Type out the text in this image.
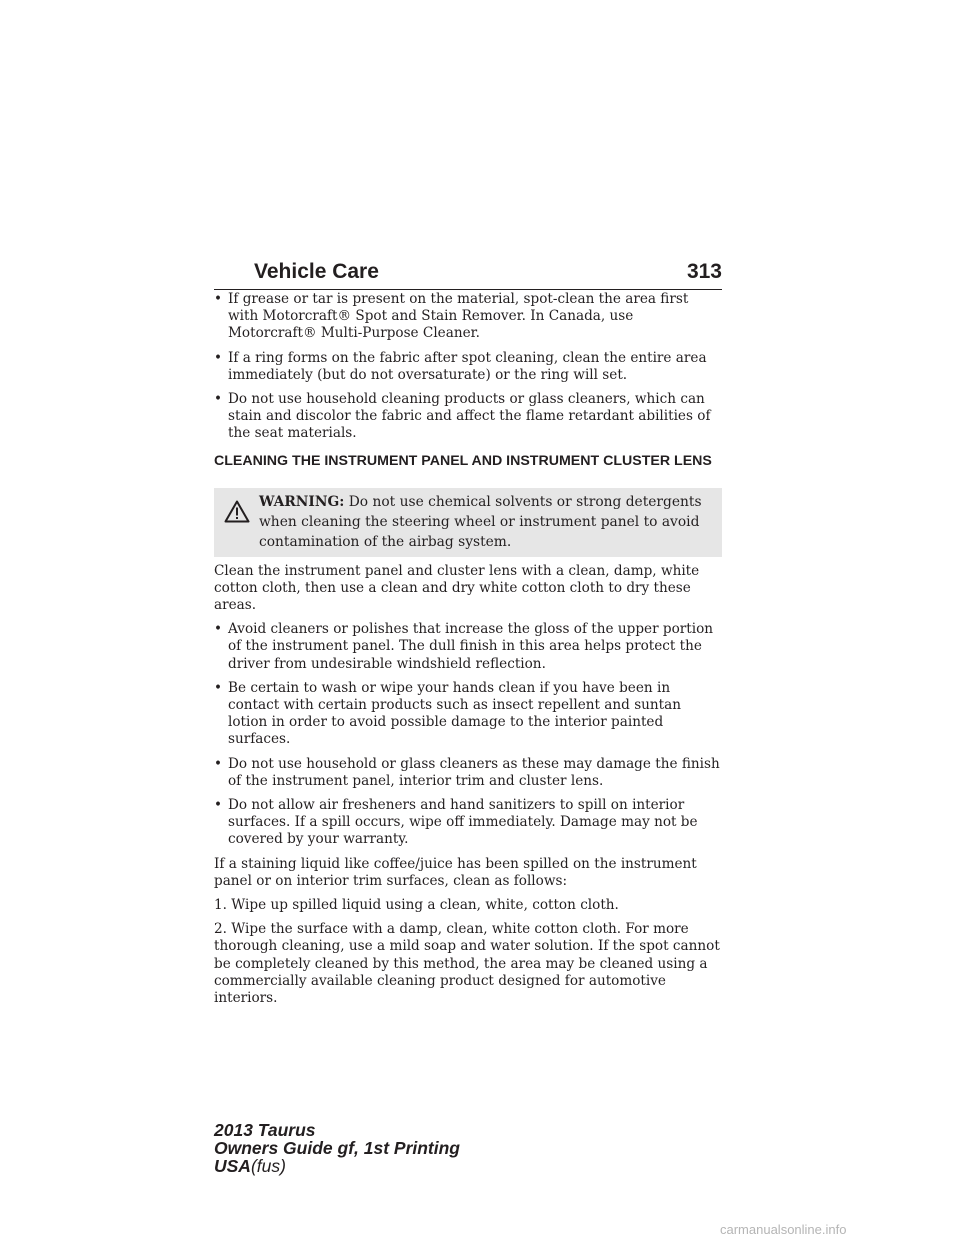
Vehicle Care	313
• If grease or tar is present on the material, spot-clean the area first with Motorcraft® Spot and Stain Remover. In Canada, use Motorcraft® Multi-Purpose Cleaner.
• If a ring forms on the fabric after spot cleaning, clean the entire area immediately (but do not oversaturate) or the ring will set.
• Do not use household cleaning products or glass cleaners, which can stain and discolor the fabric and affect the flame retardant abilities of the seat materials.
CLEANING THE INSTRUMENT PANEL AND INSTRUMENT CLUSTER LENS
WARNING: Do not use chemical solvents or strong detergents when cleaning the steering wheel or instrument panel to avoid contamination of the airbag system.

Clean the instrument panel and cluster lens with a clean, damp, white cotton cloth, then use a clean and dry white cotton cloth to dry these areas.

• Avoid cleaners or polishes that increase the gloss of the upper portion of the instrument panel. The dull finish in this area helps protect the driver from undesirable windshield reflection.
• Be certain to wash or wipe your hands clean if you have been in contact with certain products such as insect repellent and suntan lotion in order to avoid possible damage to the interior painted surfaces.
• Do not use household or glass cleaners as these may damage the finish of the instrument panel, interior trim and cluster lens.
• Do not allow air fresheners and hand sanitizers to spill on interior surfaces. If a spill occurs, wipe off immediately. Damage may not be covered by your warranty.

If a staining liquid like coffee/juice has been spilled on the instrument panel or on interior trim surfaces, clean as follows:

1. Wipe up spilled liquid using a clean, white, cotton cloth.

2. Wipe the surface with a damp, clean, white cotton cloth. For more thorough cleaning, use a mild soap and water solution. If the spot cannot be completely cleaned by this method, the area may be cleaned using a commercially available cleaning product designed for automotive interiors.

2013 Taurus
Owners Guide gf, 1st Printing
USA(fus)
carmanualsonline.info
